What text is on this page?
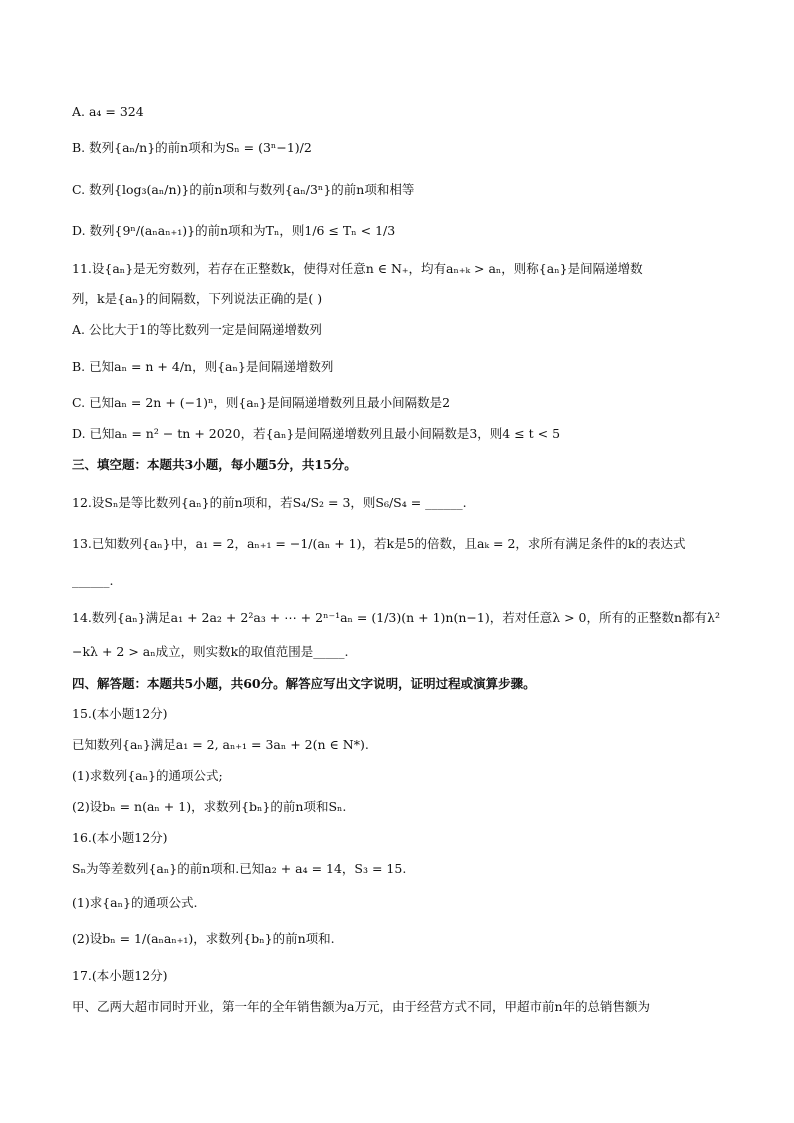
A. a₄ = 324
B. 数列{aₙ/n}的前n项和为Sₙ = (3ⁿ−1)/2
C. 数列{log₃(aₙ/n)}的前n项和与数列{aₙ/3ⁿ}的前n项和相等
D. 数列{9ⁿ/(aₙaₙ₊₁)}的前n项和为Tₙ，则1/6 ≤ Tₙ < 1/3
11.设{aₙ}是无穷数列，若存在正整数k，使得对任意n ∈ N₊，均有aₙ₊ₖ > aₙ，则称{aₙ}是间隔递增数
列，k是{aₙ}的间隔数，下列说法正确的是( )
A. 公比大于1的等比数列一定是间隔递增数列
B. 已知aₙ = n + 4/n，则{aₙ}是间隔递增数列
C. 已知aₙ = 2n + (−1)ⁿ，则{aₙ}是间隔递增数列且最小间隔数是2
D. 已知aₙ = n² − tn + 2020，若{aₙ}是间隔递增数列且最小间隔数是3，则4 ≤ t < 5
三、填空题：本题共3小题，每小题5分，共15分。
12.设Sₙ是等比数列{aₙ}的前n项和，若S₄/S₂ = 3，则S₆/S₄ = ______.
13.已知数列{aₙ}中，a₁ = 2，aₙ₊₁ = −1/(aₙ + 1)，若k是5的倍数，且aₖ = 2，求所有满足条件的k的表达式
______.
14.数列{aₙ}满足a₁ + 2a₂ + 2²a₃ + ⋯ + 2ⁿ⁻¹aₙ = (1/3)(n + 1)n(n−1)，若对任意λ > 0，所有的正整数n都有λ²
−kλ + 2 > aₙ成立，则实数k的取值范围是_____.
四、解答题：本题共5小题，共60分。解答应写出文字说明，证明过程或演算步骤。
15.(本小题12分)
已知数列{aₙ}满足a₁ = 2, aₙ₊₁ = 3aₙ + 2(n ∈ N*).
(1)求数列{aₙ}的通项公式;
(2)设bₙ = n(aₙ + 1)，求数列{bₙ}的前n项和Sₙ.
16.(本小题12分)
Sₙ为等差数列{aₙ}的前n项和.已知a₂ + a₄ = 14，S₃ = 15.
(1)求{aₙ}的通项公式.
(2)设bₙ = 1/(aₙaₙ₊₁)，求数列{bₙ}的前n项和.
17.(本小题12分)
甲、乙两大超市同时开业，第一年的全年销售额为a万元，由于经营方式不同，甲超市前n年的总销售额为
